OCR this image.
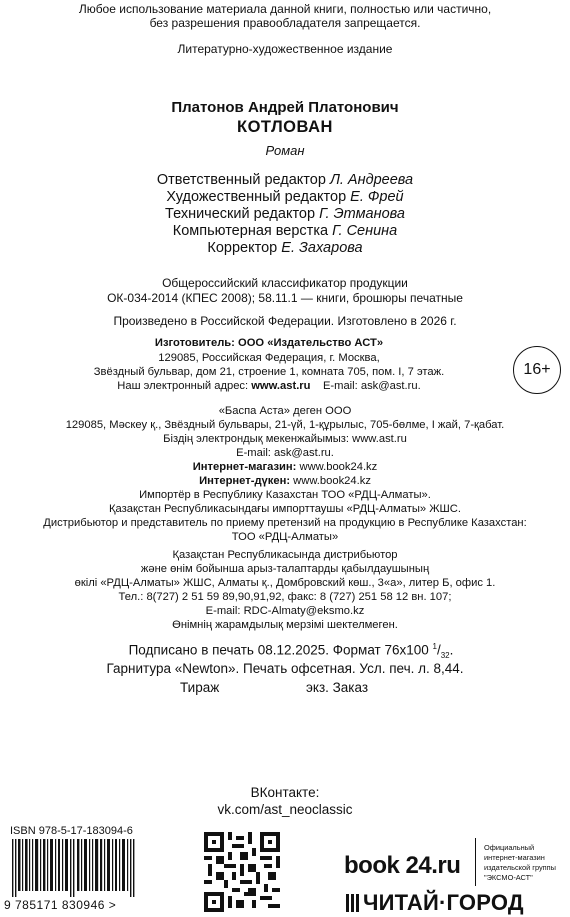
Любое использование материала данной книги, полностью или частично,
без разрешения правообладателя запрещается.
Литературно-художественное издание
Платонов Андрей Платонович
КОТЛОВАН
Роман
Ответственный редактор Л. Андреева
Художественный редактор Е. Фрей
Технический редактор Г. Этманова
Компьютерная верстка Г. Сенина
Корректор Е. Захарова
Общероссийский классификатор продукции
ОК-034-2014 (КПЕС 2008); 58.11.1 — книги, брошюры печатные
Произведено в Российской Федерации. Изготовлено в 2026 г.
Изготовитель: ООО «Издательство АСТ»
129085, Российская Федерация, г. Москва,
Звёздный бульвар, дом 21, строение 1, комната 705, пом. I, 7 этаж.
Наш электронный адрес: www.ast.ru E-mail: ask@ast.ru.
16+
«Баспа Аста» деген ООО
129085, Мәскеу қ., Звёздный бульвары, 21-үй, 1-құрылыс, 705-бөлме, I жай, 7-қабат.
Біздің электрондық мекенжайымыз: www.ast.ru
E-mail: ask@ast.ru.
Интернет-магазин: www.book24.kz
Интернет-дүкен: www.book24.kz
Импортёр в Республику Казахстан ТОО «РДЦ-Алматы».
Қазақстан Республикасындағы импорттаушы «РДЦ-Алматы» ЖШС.
Дистрибьютор и представитель по приему претензий на продукцию в Республике Казахстан:
ТОО «РДЦ-Алматы»
Қазақстан Республикасында дистрибьютор
және өнім бойынша арыз-талаптарды қабылдаушының
өкілі «РДЦ-Алматы» ЖШС, Алматы қ., Домбровский көш., 3«а», литер Б, офис 1.
Тел.: 8(727) 2 51 59 89,90,91,92, факс: 8 (727) 251 58 12 вн. 107;
E-mail: RDC-Almaty@eksmo.kz
Өнімнің жарамдылық мерзімі шектелмеген.
Подписано в печать 08.12.2025. Формат 76х100 $^1/_{32}$.
Гарнитура «Newton». Печать офсетная. Усл. печ. л. 8,44.
Тираж	экз. Заказ
ВКонтакте:
vk.com/ast_neoclassic
ISBN 978-5-17-183094-6
9 785171 830946 >
book 24.ru
Официальный
интернет-магазин
издательской группы
"ЭКСМО-АСТ"
ЧИТАЙ·ГОРОД
